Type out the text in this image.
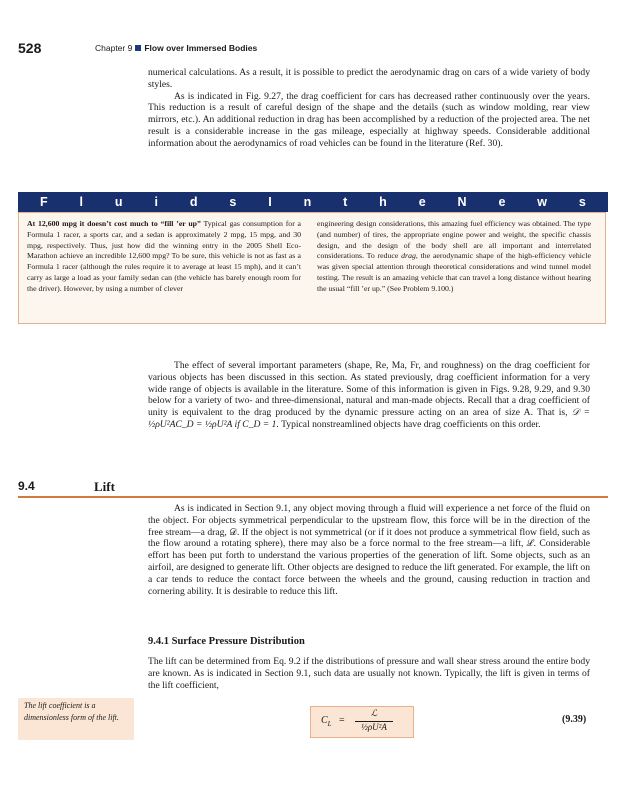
528	Chapter 9 Flow over Immersed Bodies

numerical calculations. As a result, it is possible to predict the aerodynamic drag on cars of a wide variety of body styles.

As is indicated in Fig. 9.27, the drag coefficient for cars has decreased rather continuously over the years. This reduction is a result of careful design of the shape and the details (such as window molding, rear view mirrors, etc.). An additional reduction in drag has been accomplished by a reduction of the projected area. The net result is a considerable increase in the gas mileage, especially at highway speeds. Considerable additional information about the aerodynamics of road vehicles can be found in the literature (Ref. 30).

F	l	u	i	d	s	I	n	t	h	e	N	e	w	s
At 12,600 mpg it doesn’t cost much to “fill ’er up” Typical gas consumption for a Formula 1 racer, a sports car, and a sedan is approximately 2 mpg, 15 mpg, and 30 mpg, respectively. Thus, just how did the winning entry in the 2005 Shell Eco-Marathon achieve an incredible 12,600 mpg? To be sure, this vehicle is not as fast as a Formula 1 racer (although the rules require it to average at least 15 mph), and it can’t carry as large a load as your family sedan can (the vehicle has barely enough room for the driver). However, by using a number of clever
engineering design considerations, this amazing fuel efficiency was obtained. The type (and number) of tires, the appropriate engine power and weight, the specific chassis design, and the design of the body shell are all important and interrelated considerations. To reduce drag, the aerodynamic shape of the high-efficiency vehicle was given special attention through theoretical considerations and wind tunnel model testing. The result is an amazing vehicle that can travel a long distance without hearing the usual “fill ’er up.” (See Problem 9.100.)
The effect of several important parameters (shape, Re, Ma, Fr, and roughness) on the drag coefficient for various objects has been discussed in this section. As stated previously, drag coefficient information for a very wide range of objects is available in the literature. Some of this information is given in Figs. 9.28, 9.29, and 9.30 below for a variety of two- and three-dimensional, natural and man-made objects. Recall that a drag coefficient of unity is equivalent to the drag produced by the dynamic pressure acting on an area of size A. That is, 𝒟 = ½ρU²AC_D = ½ρU²A if C_D = 1. Typical nonstreamlined objects have drag coefficients on this order.
9.4	Lift
As is indicated in Section 9.1, any object moving through a fluid will experience a net force of the fluid on the object. For objects symmetrical perpendicular to the upstream flow, this force will be in the direction of the free stream—a drag, 𝒟. If the object is not symmetrical (or if it does not produce a symmetrical flow field, such as the flow around a rotating sphere), there may also be a force normal to the free stream—a lift, ℒ. Considerable effort has been put forth to understand the various properties of the generation of lift. Some objects, such as an airfoil, are designed to generate lift. Other objects are designed to reduce the lift generated. For example, the lift on a car tends to reduce the contact force between the wheels and the ground, causing reduction in traction and cornering ability. It is desirable to reduce this lift.
9.4.1 Surface Pressure Distribution
The lift can be determined from Eq. 9.2 if the distributions of pressure and wall shear stress around the entire body are known. As is indicated in Section 9.1, such data are usually not known. Typically, the lift is given in terms of the lift coefficient,
The lift coefficient is a dimensionless form of the lift.	$C_L$ =
ℒ
½ρU²A
(9.39)
